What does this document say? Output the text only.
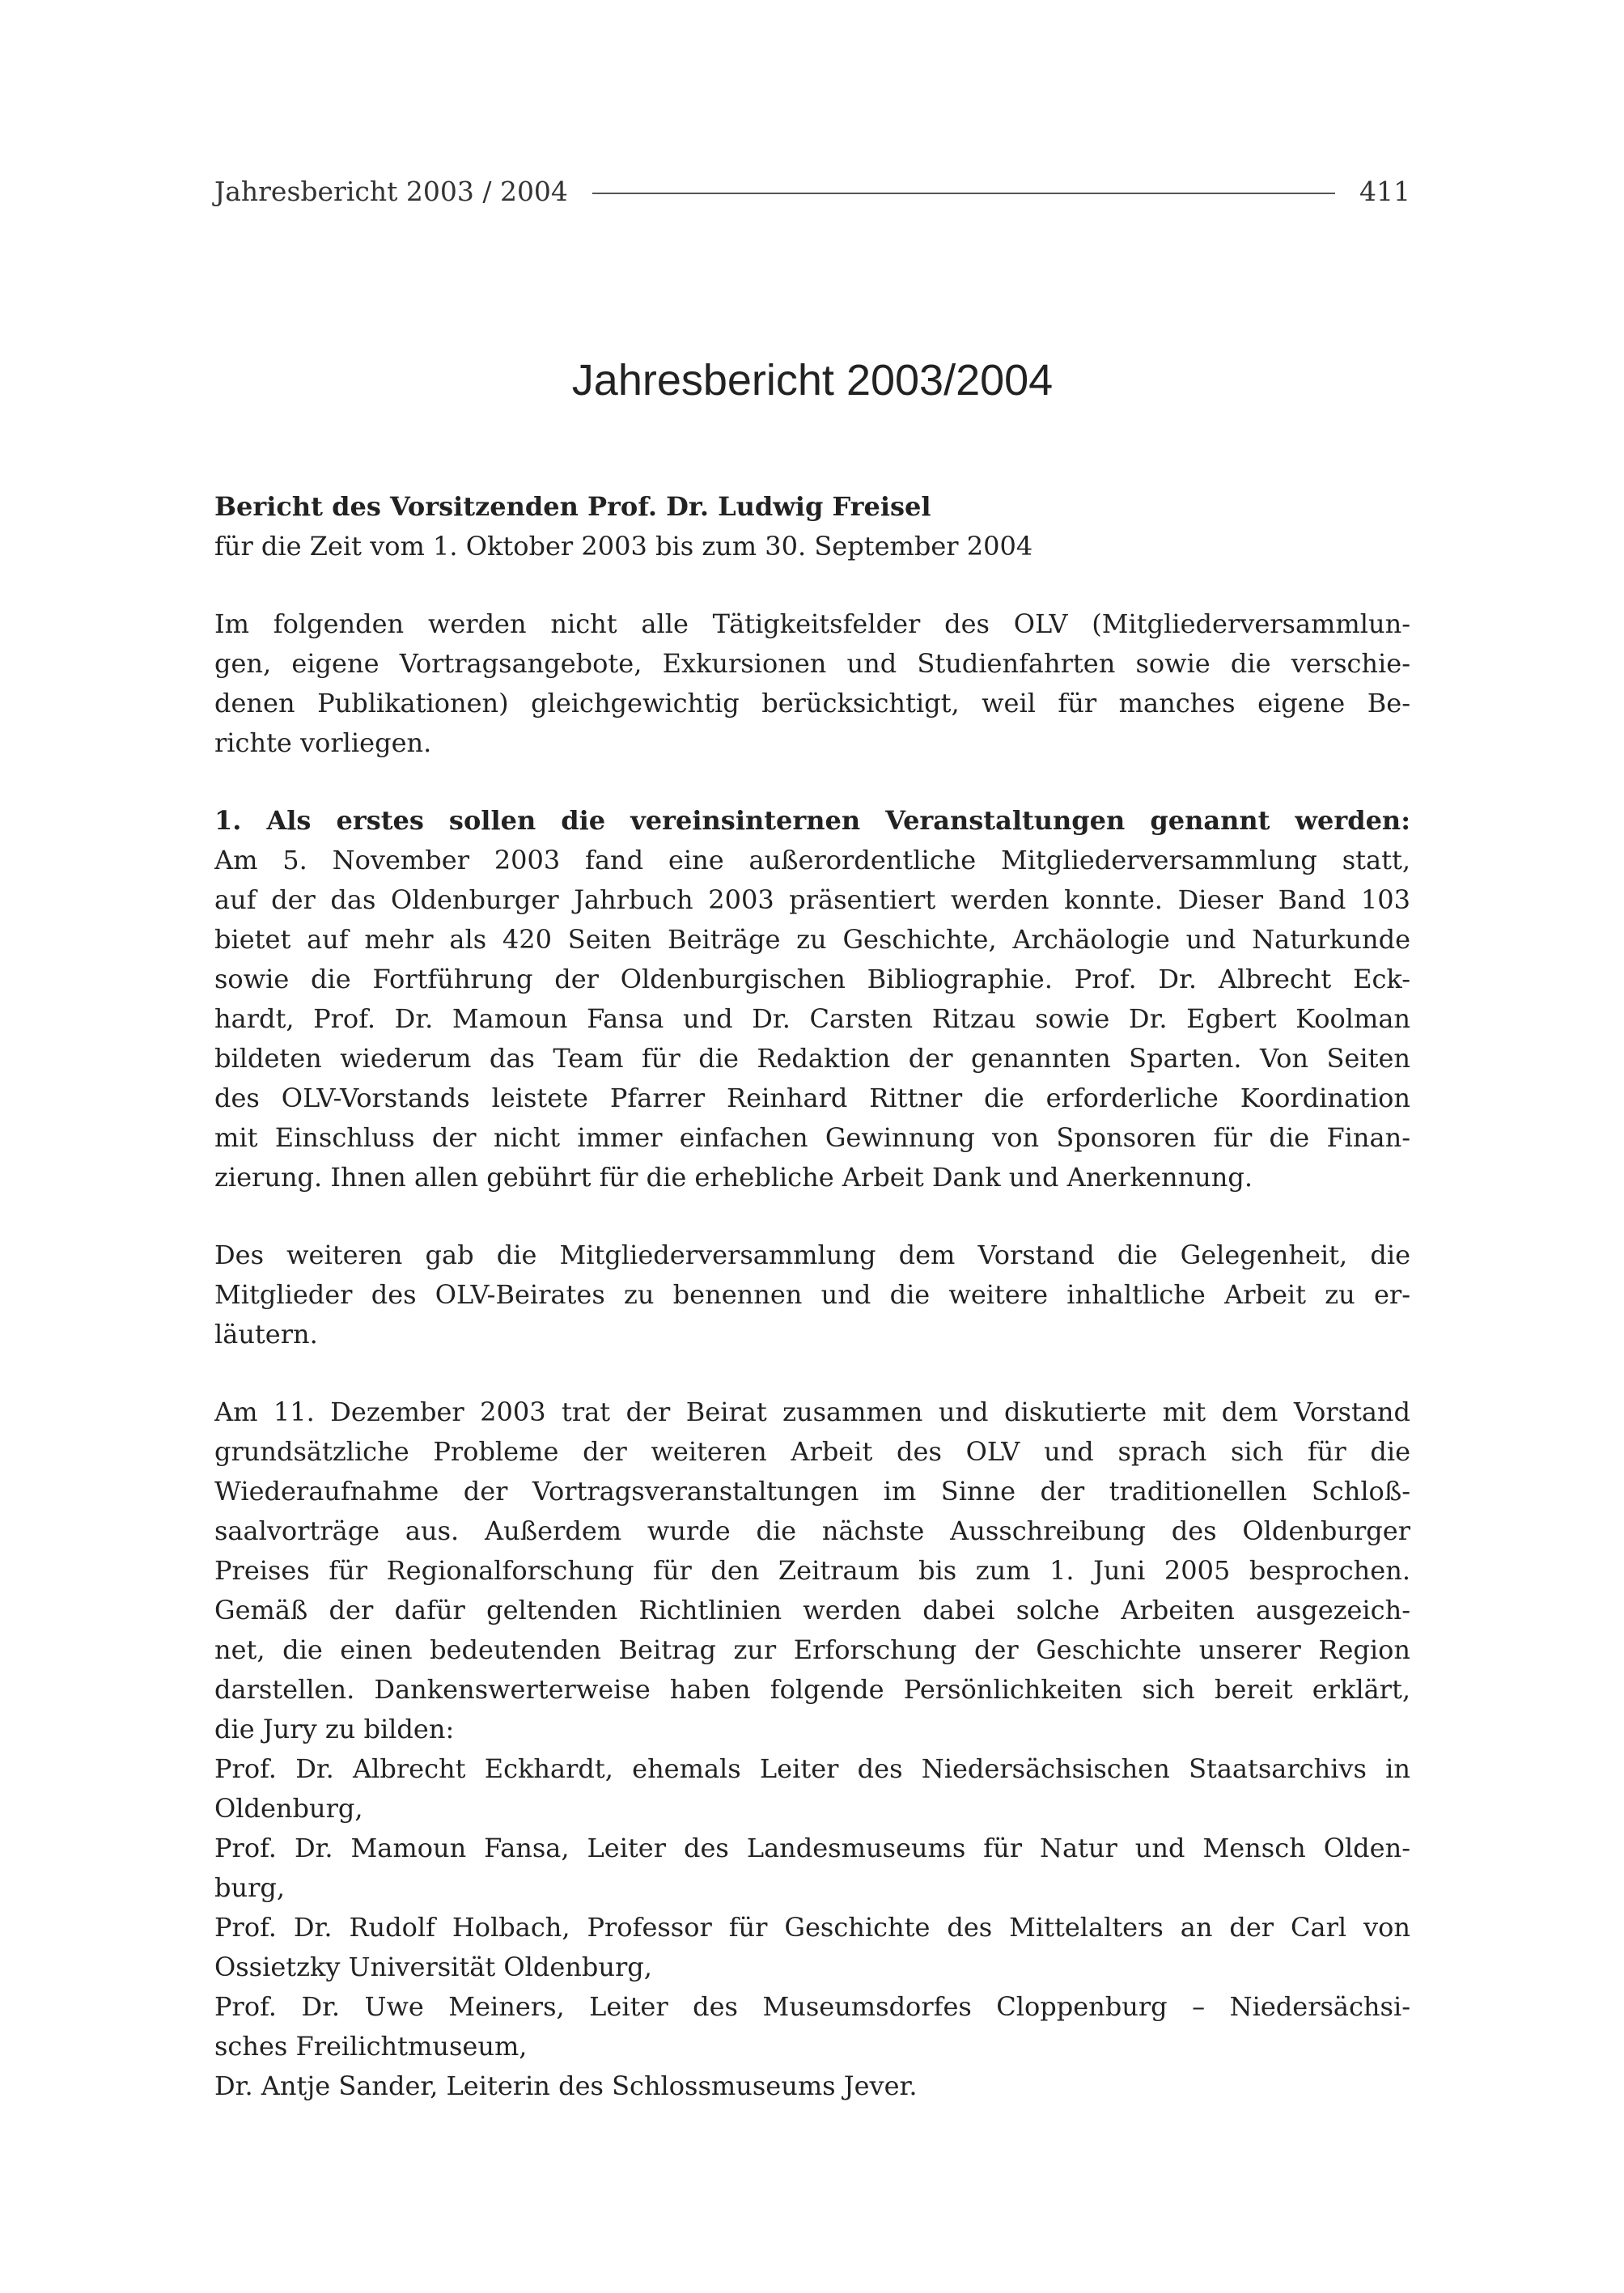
Jahresbericht 2003 / 2004	411
Jahresbericht 2003/2004
Bericht des Vorsitzenden Prof. Dr. Ludwig Freisel
für die Zeit vom 1. Oktober 2003 bis zum 30. September 2004
Im folgenden werden nicht alle Tätigkeitsfelder des OLV (Mitgliederversammlun-
gen, eigene Vortragsangebote, Exkursionen und Studienfahrten sowie die verschie-
denen Publikationen) gleichgewichtig berücksichtigt, weil für manches eigene Be-
richte vorliegen.
1. Als erstes sollen die vereinsinternen Veranstaltungen genannt werden:
Am 5. November 2003 fand eine außerordentliche Mitgliederversammlung statt,
auf der das Oldenburger Jahrbuch 2003 präsentiert werden konnte. Dieser Band 103
bietet auf mehr als 420 Seiten Beiträge zu Geschichte, Archäologie und Naturkunde
sowie die Fortführung der Oldenburgischen Bibliographie. Prof. Dr. Albrecht Eck-
hardt, Prof. Dr. Mamoun Fansa und Dr. Carsten Ritzau sowie Dr. Egbert Koolman
bildeten wiederum das Team für die Redaktion der genannten Sparten. Von Seiten
des OLV-Vorstands leistete Pfarrer Reinhard Rittner die erforderliche Koordination
mit Einschluss der nicht immer einfachen Gewinnung von Sponsoren für die Finan-
zierung. Ihnen allen gebührt für die erhebliche Arbeit Dank und Anerkennung.
Des weiteren gab die Mitgliederversammlung dem Vorstand die Gelegenheit, die
Mitglieder des OLV-Beirates zu benennen und die weitere inhaltliche Arbeit zu er-
läutern.
Am 11. Dezember 2003 trat der Beirat zusammen und diskutierte mit dem Vorstand
grundsätzliche Probleme der weiteren Arbeit des OLV und sprach sich für die
Wiederaufnahme der Vortragsveranstaltungen im Sinne der traditionellen Schloß-
saalvorträge aus. Außerdem wurde die nächste Ausschreibung des Oldenburger
Preises für Regionalforschung für den Zeitraum bis zum 1. Juni 2005 besprochen.
Gemäß der dafür geltenden Richtlinien werden dabei solche Arbeiten ausgezeich-
net, die einen bedeutenden Beitrag zur Erforschung der Geschichte unserer Region
darstellen. Dankenswerterweise haben folgende Persönlichkeiten sich bereit erklärt,
die Jury zu bilden:
Prof. Dr. Albrecht Eckhardt, ehemals Leiter des Niedersächsischen Staatsarchivs in
Oldenburg,
Prof. Dr. Mamoun Fansa, Leiter des Landesmuseums für Natur und Mensch Olden-
burg,
Prof. Dr. Rudolf Holbach, Professor für Geschichte des Mittelalters an der Carl von
Ossietzky Universität Oldenburg,
Prof. Dr. Uwe Meiners, Leiter des Museumsdorfes Cloppenburg – Niedersächsi-
sches Freilichtmuseum,
Dr. Antje Sander, Leiterin des Schlossmuseums Jever.
